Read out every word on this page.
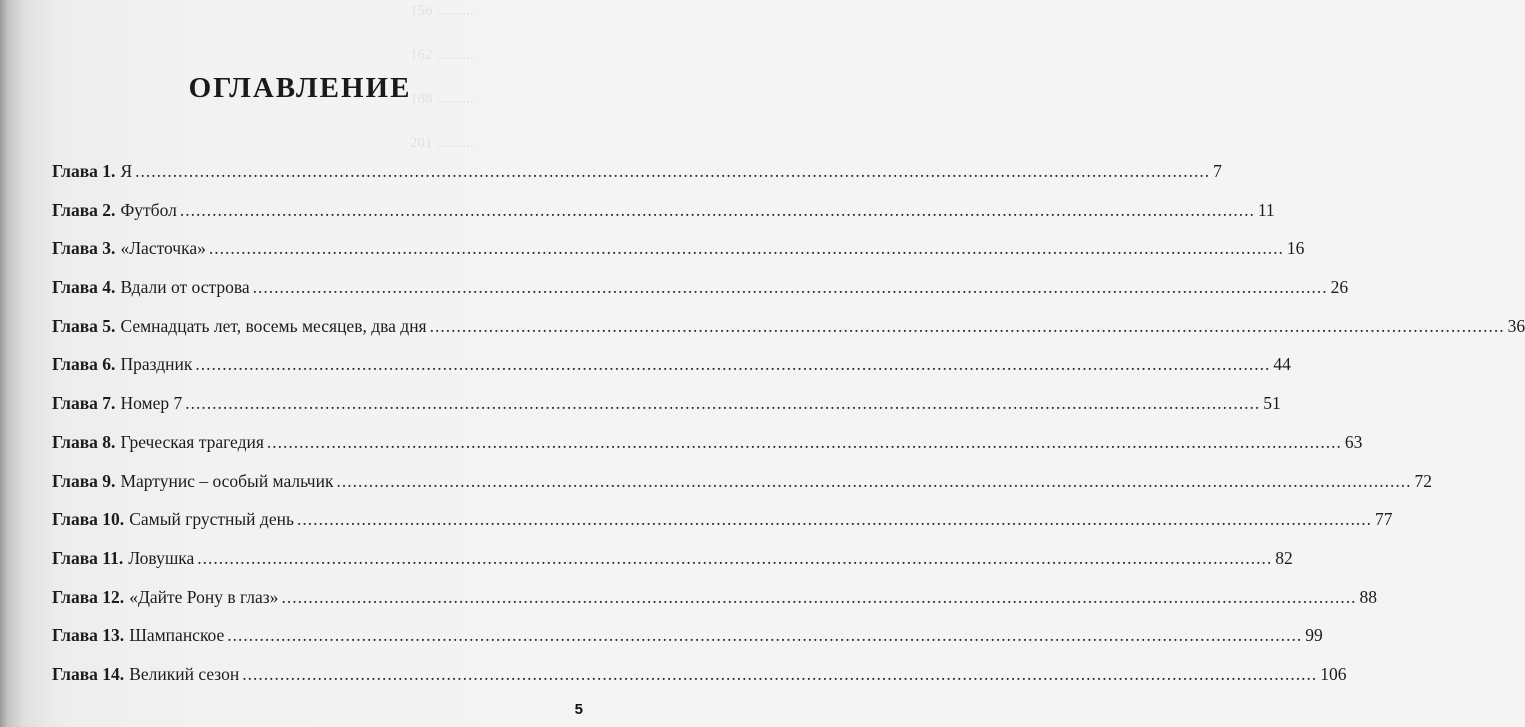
156 ..........

162 ..........

188 ..........

201 ..........
ОГЛАВЛЕНИЕ
Глава 1. Я ........................................................................................................................................................................................................ 7
Глава 2. Футбол ........................................................................................................................................................................................................ 11
Глава 3. «Ласточка» ........................................................................................................................................................................................................ 16
Глава 4. Вдали от острова ........................................................................................................................................................................................................ 26
Глава 5. Семнадцать лет, восемь месяцев, два дня ........................................................................................................................................................................................................ 36
Глава 6. Праздник ........................................................................................................................................................................................................ 44
Глава 7. Номер 7 ........................................................................................................................................................................................................ 51
Глава 8. Греческая трагедия ........................................................................................................................................................................................................ 63
Глава 9. Мартунис – особый мальчик ........................................................................................................................................................................................................ 72
Глава 10. Самый грустный день ........................................................................................................................................................................................................ 77
Глава 11. Ловушка ........................................................................................................................................................................................................ 82
Глава 12. «Дайте Рону в глаз» ........................................................................................................................................................................................................ 88
Глава 13. Шампанское ........................................................................................................................................................................................................ 99
Глава 14. Великий сезон ........................................................................................................................................................................................................ 106
5
